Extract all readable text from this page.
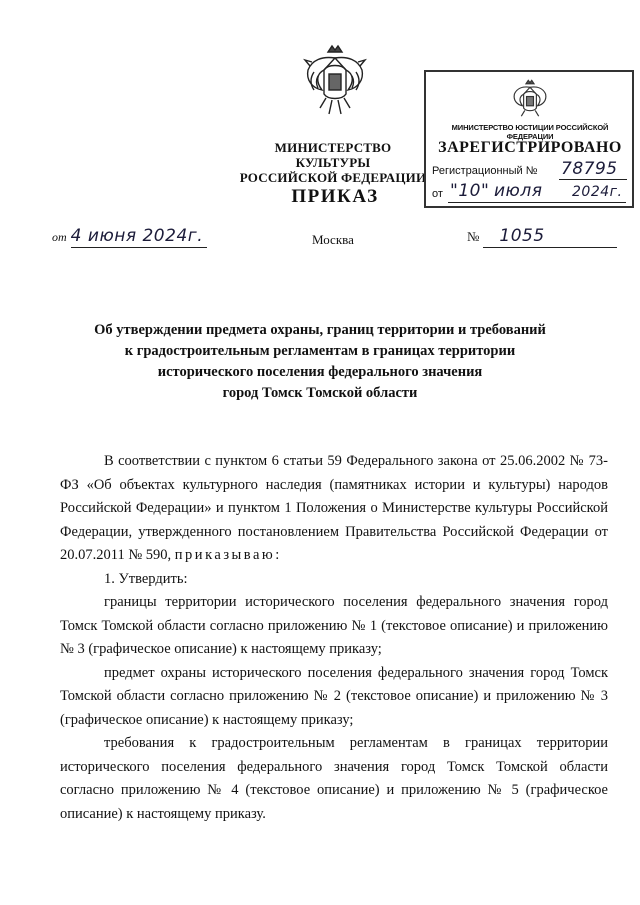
МИНИСТЕРСТВО КУЛЬТУРЫ
РОССИЙСКОЙ ФЕДЕРАЦИИ
ПРИКАЗ
МИНИСТЕРСТВО ЮСТИЦИИ РОССИЙСКОЙ ФЕДЕРАЦИИ
ЗАРЕГИСТРИРОВАНО
Регистрационный № 78795
от "10" июля 2024г.
от 4 июня 2024г.	Москва	№ 1055
Об утверждении предмета охраны, границ территории и требований
к градостроительным регламентам в границах территории
исторического поселения федерального значения
город Томск Томской области

В соответствии с пунктом 6 статьи 59 Федерального закона от 25.06.2002 № 73-ФЗ «Об объектах культурного наследия (памятниках истории и культуры) народов Российской Федерации» и пунктом 1 Положения о Министерстве культуры Российской Федерации, утвержденного постановлением Правительства Российской Федерации от 20.07.2011 № 590, приказываю:

1. Утвердить:

границы территории исторического поселения федерального значения город Томск Томской области согласно приложению № 1 (текстовое описание) и приложению № 3 (графическое описание) к настоящему приказу;

предмет охраны исторического поселения федерального значения город Томск Томской области согласно приложению № 2 (текстовое описание) и приложению № 3 (графическое описание) к настоящему приказу;

требования к градостроительным регламентам в границах территории исторического поселения федерального значения город Томск Томской области согласно приложению № 4 (текстовое описание) и приложению № 5 (графическое описание) к настоящему приказу.
